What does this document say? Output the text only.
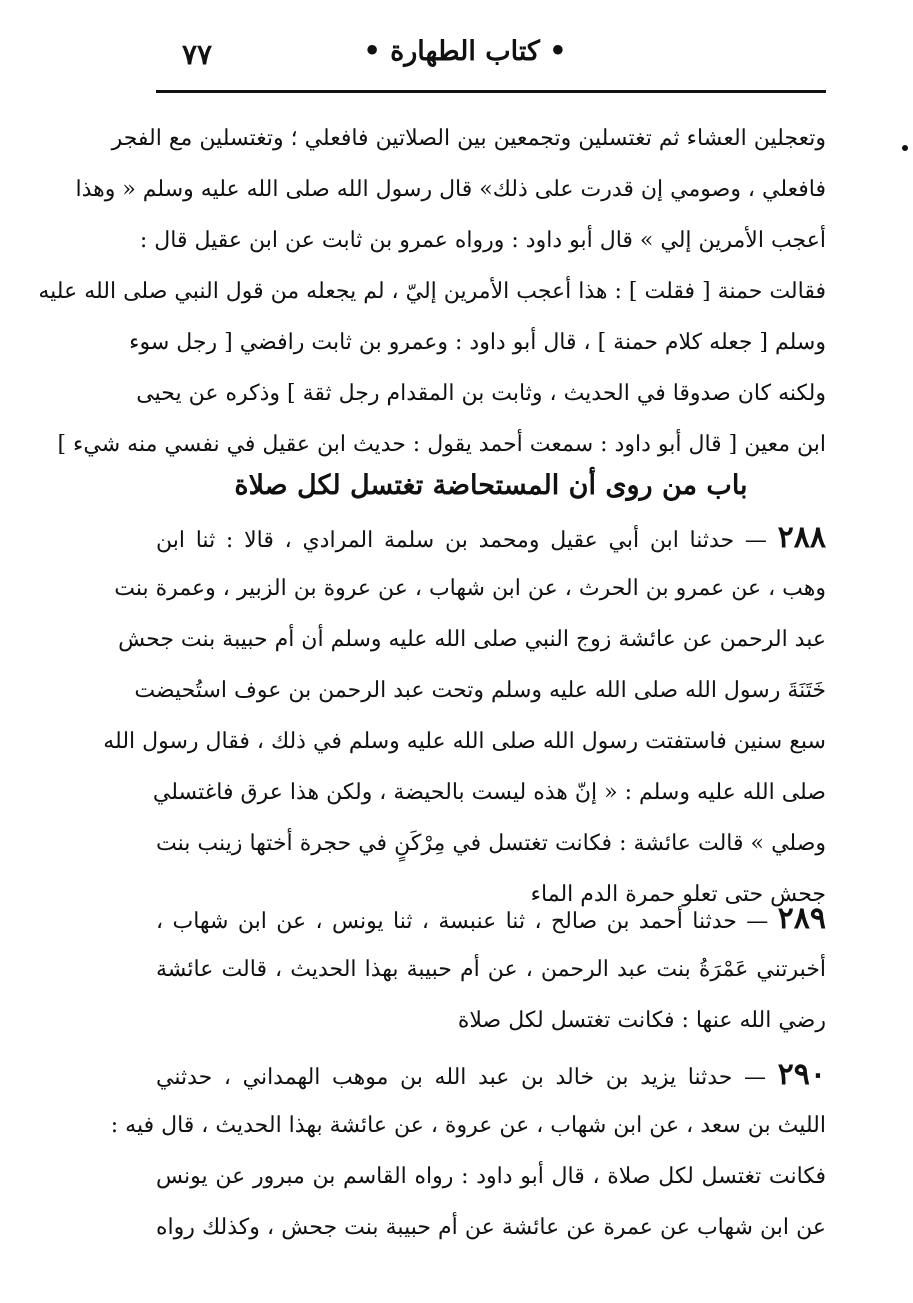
• كتاب الطهارة •
٧٧
وتعجلين العشاء ثم تغتسلين وتجمعين بين الصلاتين فافعلي ؛ وتغتسلين مع الفجر
فافعلي ، وصومي إن قدرت على ذلك» قال رسول الله صلى الله عليه وسلم « وهذا
أعجب الأمرين إلي » قال أبو داود : ورواه عمرو بن ثابت عن ابن عقيل قال :
فقالت حمنة [ فقلت ] : هذا أعجب الأمرين إليّ ، لم يجعله من قول النبي صلى الله عليه
وسلم [ جعله كلام حمنة ] ، قال أبو داود : وعمرو بن ثابت رافضي [ رجل سوء
ولكنه كان صدوقا في الحديث ، وثابت بن المقدام رجل ثقة ] وذكره عن يحيى
ابن معين [ قال أبو داود : سمعت أحمد يقول : حديث ابن عقيل في نفسي منه شيء ]
باب من روى أن المستحاضة تغتسل لكل صلاة
٢٨٨ — حدثنا ابن أبي عقيل ومحمد بن سلمة المرادي ، قالا : ثنا ابن
وهب ، عن عمرو بن الحرث ، عن ابن شهاب ، عن عروة بن الزبير ، وعمرة بنت
عبد الرحمن عن عائشة زوج النبي صلى الله عليه وسلم أن أم حبيبة بنت جحش
خَتَنَةَ رسول الله صلى الله عليه وسلم وتحت عبد الرحمن بن عوف استُحيضت
سبع سنين فاستفتت رسول الله صلى الله عليه وسلم في ذلك ، فقال رسول الله
صلى الله عليه وسلم : « إنّ هذه ليست بالحيضة ، ولكن هذا عرق فاغتسلي
وصلي » قالت عائشة : فكانت تغتسل في مِرْكَنٍ في حجرة أختها زينب بنت
جحش حتى تعلو حمرة الدم الماء
٢٨٩ — حدثنا أحمد بن صالح ، ثنا عنبسة ، ثنا يونس ، عن ابن شهاب ،
أخبرتني عَمْرَةُ بنت عبد الرحمن ، عن أم حبيبة بهذا الحديث ، قالت عائشة
رضي الله عنها : فكانت تغتسل لكل صلاة
٢٩٠ — حدثنا يزيد بن خالد بن عبد الله بن موهب الهمداني ، حدثني
الليث بن سعد ، عن ابن شهاب ، عن عروة ، عن عائشة بهذا الحديث ، قال فيه :
فكانت تغتسل لكل صلاة ، قال أبو داود : رواه القاسم بن مبرور عن يونس
عن ابن شهاب عن عمرة عن عائشة عن أم حبيبة بنت جحش ، وكذلك رواه
